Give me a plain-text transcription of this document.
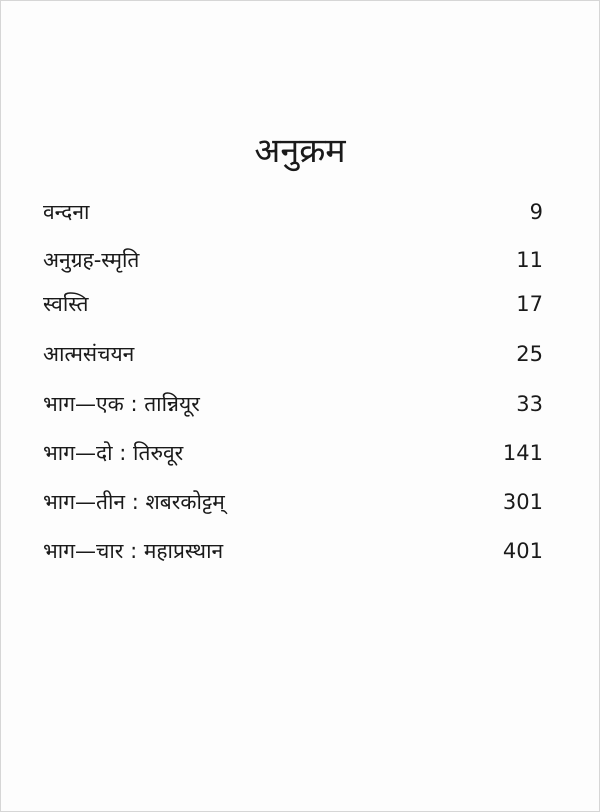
अनुक्रम
वन्दना	9
अनुग्रह-स्मृति	11
स्वस्ति	17
आत्मसंचयन	25
भाग—एक : तान्नियूर	33
भाग—दो : तिरुवूर	141
भाग—तीन : शबरकोट्टम्	301
भाग—चार : महाप्रस्थान	401
